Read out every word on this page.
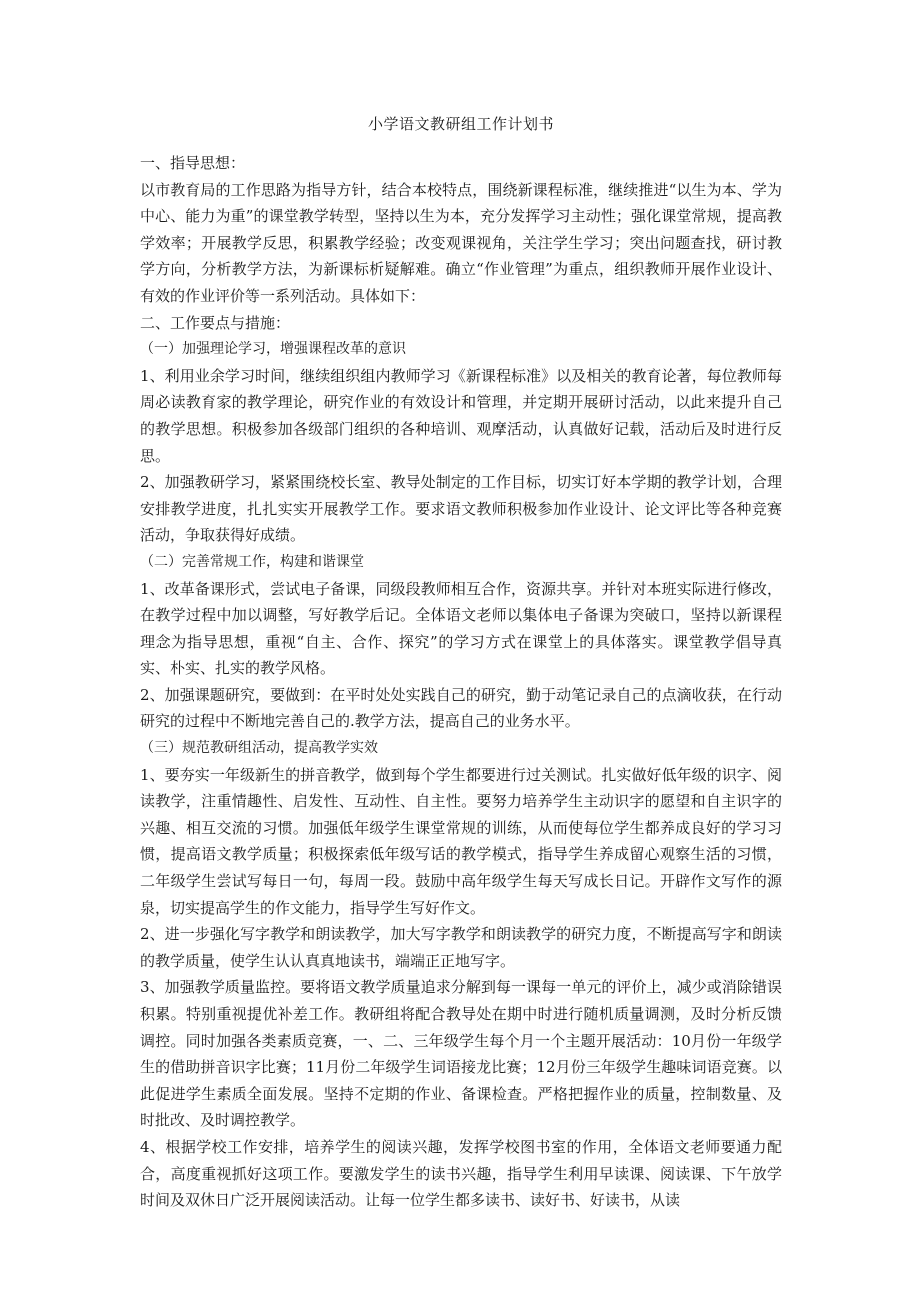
小学语文教研组工作计划书

一、指导思想：

以市教育局的工作思路为指导方针，结合本校特点，围绕新课程标准，继续推进“以生为本、学为中心、能力为重”的课堂教学转型，坚持以生为本，充分发挥学习主动性；强化课堂常规，提高教学效率；开展教学反思，积累教学经验；改变观课视角，关注学生学习；突出问题查找，研讨教学方向，分析教学方法，为新课标析疑解难。确立“作业管理”为重点，组织教师开展作业设计、有效的作业评价等一系列活动。具体如下：

二、工作要点与措施：

（一）加强理论学习，增强课程改革的意识

1、利用业余学习时间，继续组织组内教师学习《新课程标准》以及相关的教育论著，每位教师每周必读教育家的教学理论，研究作业的有效设计和管理，并定期开展研讨活动，以此来提升自己的教学思想。积极参加各级部门组织的各种培训、观摩活动，认真做好记载，活动后及时进行反思。

2、加强教研学习，紧紧围绕校长室、教导处制定的工作目标，切实订好本学期的教学计划，合理安排教学进度，扎扎实实开展教学工作。要求语文教师积极参加作业设计、论文评比等各种竞赛活动，争取获得好成绩。

（二）完善常规工作，构建和谐课堂

1、改革备课形式，尝试电子备课，同级段教师相互合作，资源共享。并针对本班实际进行修改，在教学过程中加以调整，写好教学后记。全体语文老师以集体电子备课为突破口，坚持以新课程理念为指导思想，重视“自主、合作、探究”的学习方式在课堂上的具体落实。课堂教学倡导真实、朴实、扎实的教学风格。

2、加强课题研究，要做到：在平时处处实践自己的研究，勤于动笔记录自己的点滴收获，在行动研究的过程中不断地完善自己的.教学方法，提高自己的业务水平。

（三）规范教研组活动，提高教学实效

1、要夯实一年级新生的拼音教学，做到每个学生都要进行过关测试。扎实做好低年级的识字、阅读教学，注重情趣性、启发性、互动性、自主性。要努力培养学生主动识字的愿望和自主识字的兴趣、相互交流的习惯。加强低年级学生课堂常规的训练，从而使每位学生都养成良好的学习习惯，提高语文教学质量；积极探索低年级写话的教学模式，指导学生养成留心观察生活的习惯，二年级学生尝试写每日一句，每周一段。鼓励中高年级学生每天写成长日记。开辟作文写作的源泉，切实提高学生的作文能力，指导学生写好作文。

2、进一步强化写字教学和朗读教学，加大写字教学和朗读教学的研究力度，不断提高写字和朗读的教学质量，使学生认认真真地读书，端端正正地写字。

3、加强教学质量监控。要将语文教学质量追求分解到每一课每一单元的评价上，减少或消除错误积累。特别重视提优补差工作。教研组将配合教导处在期中时进行随机质量调测，及时分析反馈调控。同时加强各类素质竞赛，一、二、三年级学生每个月一个主题开展活动：10月份一年级学生的借助拼音识字比赛；11月份二年级学生词语接龙比赛；12月份三年级学生趣味词语竞赛。以此促进学生素质全面发展。坚持不定期的作业、备课检查。严格把握作业的质量，控制数量、及时批改、及时调控教学。

4、根据学校工作安排，培养学生的阅读兴趣，发挥学校图书室的作用，全体语文老师要通力配合，高度重视抓好这项工作。要激发学生的读书兴趣，指导学生利用早读课、阅读课、下午放学时间及双休日广泛开展阅读活动。让每一位学生都多读书、读好书、好读书，从读
